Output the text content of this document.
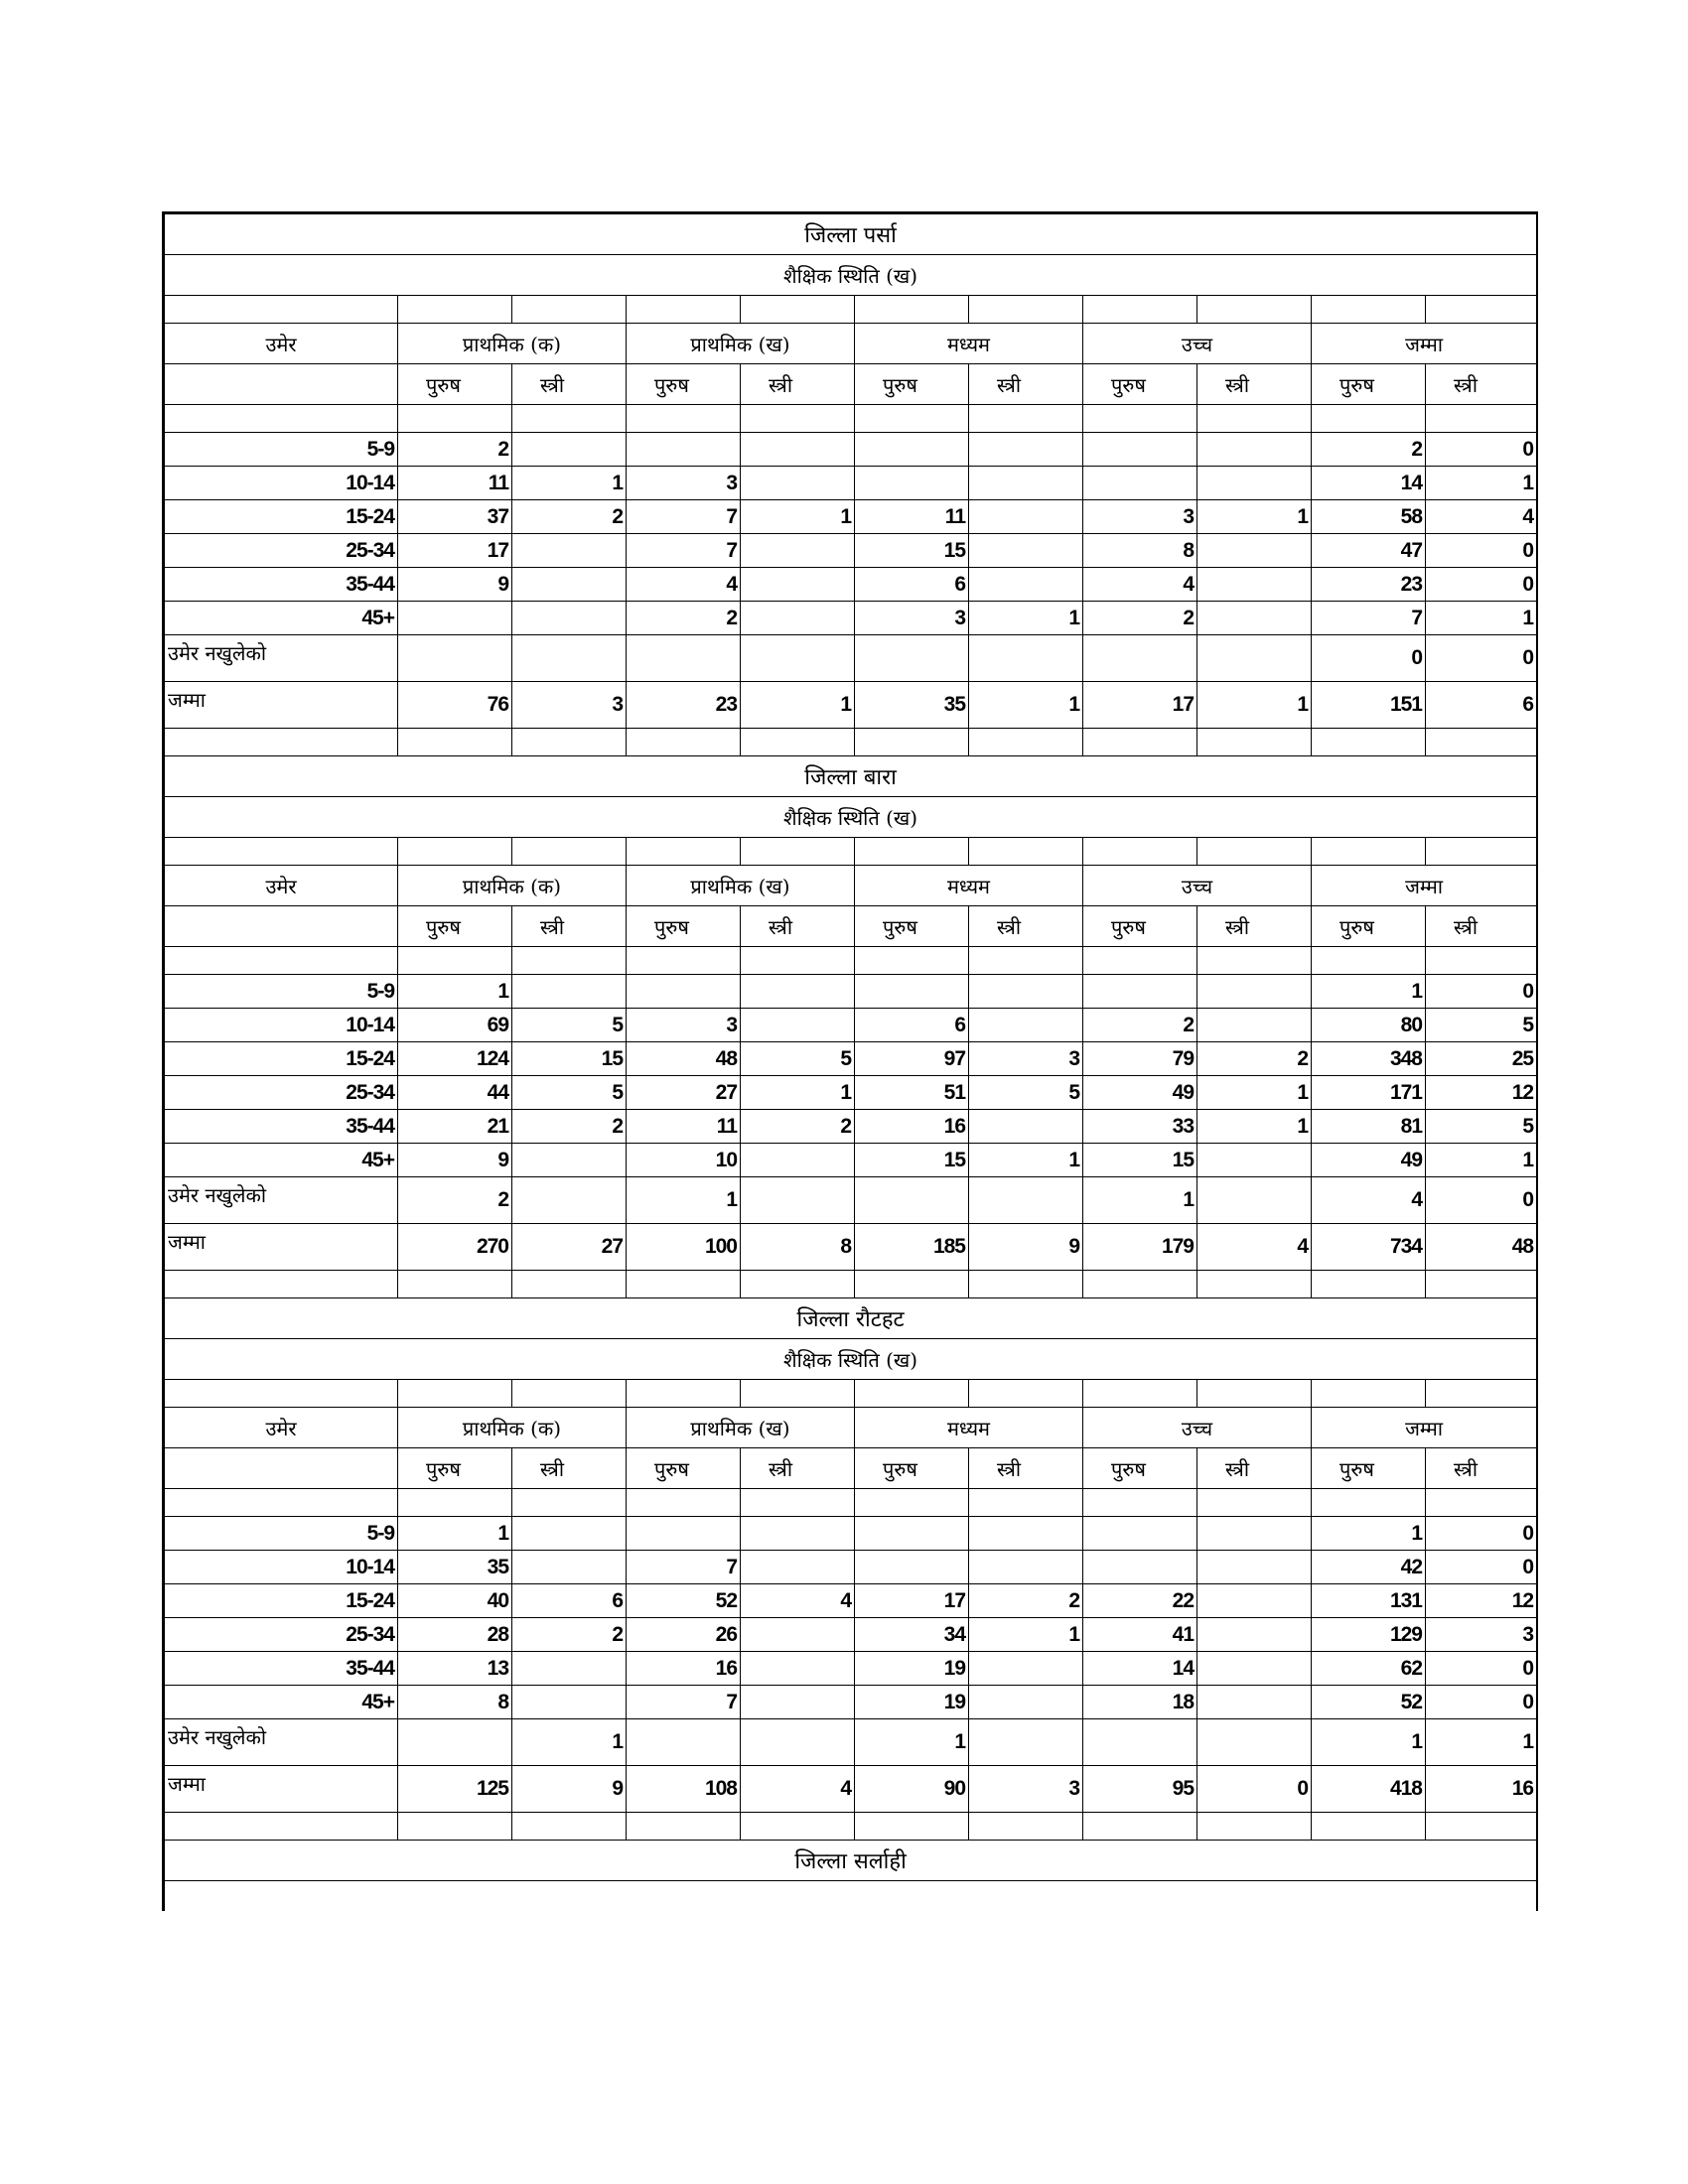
जिल्ला पर्सा										
शैक्षिक स्थिति (ख)										

उमेर	प्राथमिक (क)		प्राथमिक (ख)		मध्यम		उच्च		जम्मा	
	पुरुष	स्त्री	पुरुष	स्त्री	पुरुष	स्त्री	पुरुष	स्त्री	पुरुष	स्त्री

5-9	2								2	0
10-14	11	1	3						14	1
15-24	37	2	7	1	11		3	1	58	4
25-34	17		7		15		8		47	0
35-44	9		4		6		4		23	0
45+			2		3	1	2		7	1
उमेर नखुलेको									0	0
जम्मा	76	3	23	1	35	1	17	1	151	6

जिल्ला बारा										
शैक्षिक स्थिति (ख)										

उमेर	प्राथमिक (क)		प्राथमिक (ख)		मध्यम		उच्च		जम्मा	
	पुरुष	स्त्री	पुरुष	स्त्री	पुरुष	स्त्री	पुरुष	स्त्री	पुरुष	स्त्री

5-9	1								1	0
10-14	69	5	3		6		2		80	5
15-24	124	15	48	5	97	3	79	2	348	25
25-34	44	5	27	1	51	5	49	1	171	12
35-44	21	2	11	2	16		33	1	81	5
45+	9		10		15	1	15		49	1
उमेर नखुलेको	2		1				1		4	0
जम्मा	270	27	100	8	185	9	179	4	734	48

जिल्ला रौटहट										
शैक्षिक स्थिति (ख)										

उमेर	प्राथमिक (क)		प्राथमिक (ख)		मध्यम		उच्च		जम्मा	
	पुरुष	स्त्री	पुरुष	स्त्री	पुरुष	स्त्री	पुरुष	स्त्री	पुरुष	स्त्री

5-9	1								1	0
10-14	35		7						42	0
15-24	40	6	52	4	17	2	22		131	12
25-34	28	2	26		34	1	41		129	3
35-44	13		16		19		14		62	0
45+	8		7		19		18		52	0
उमेर नखुलेको		1			1				1	1
जम्मा	125	9	108	4	90	3	95	0	418	16

जिल्ला सर्लाही										
